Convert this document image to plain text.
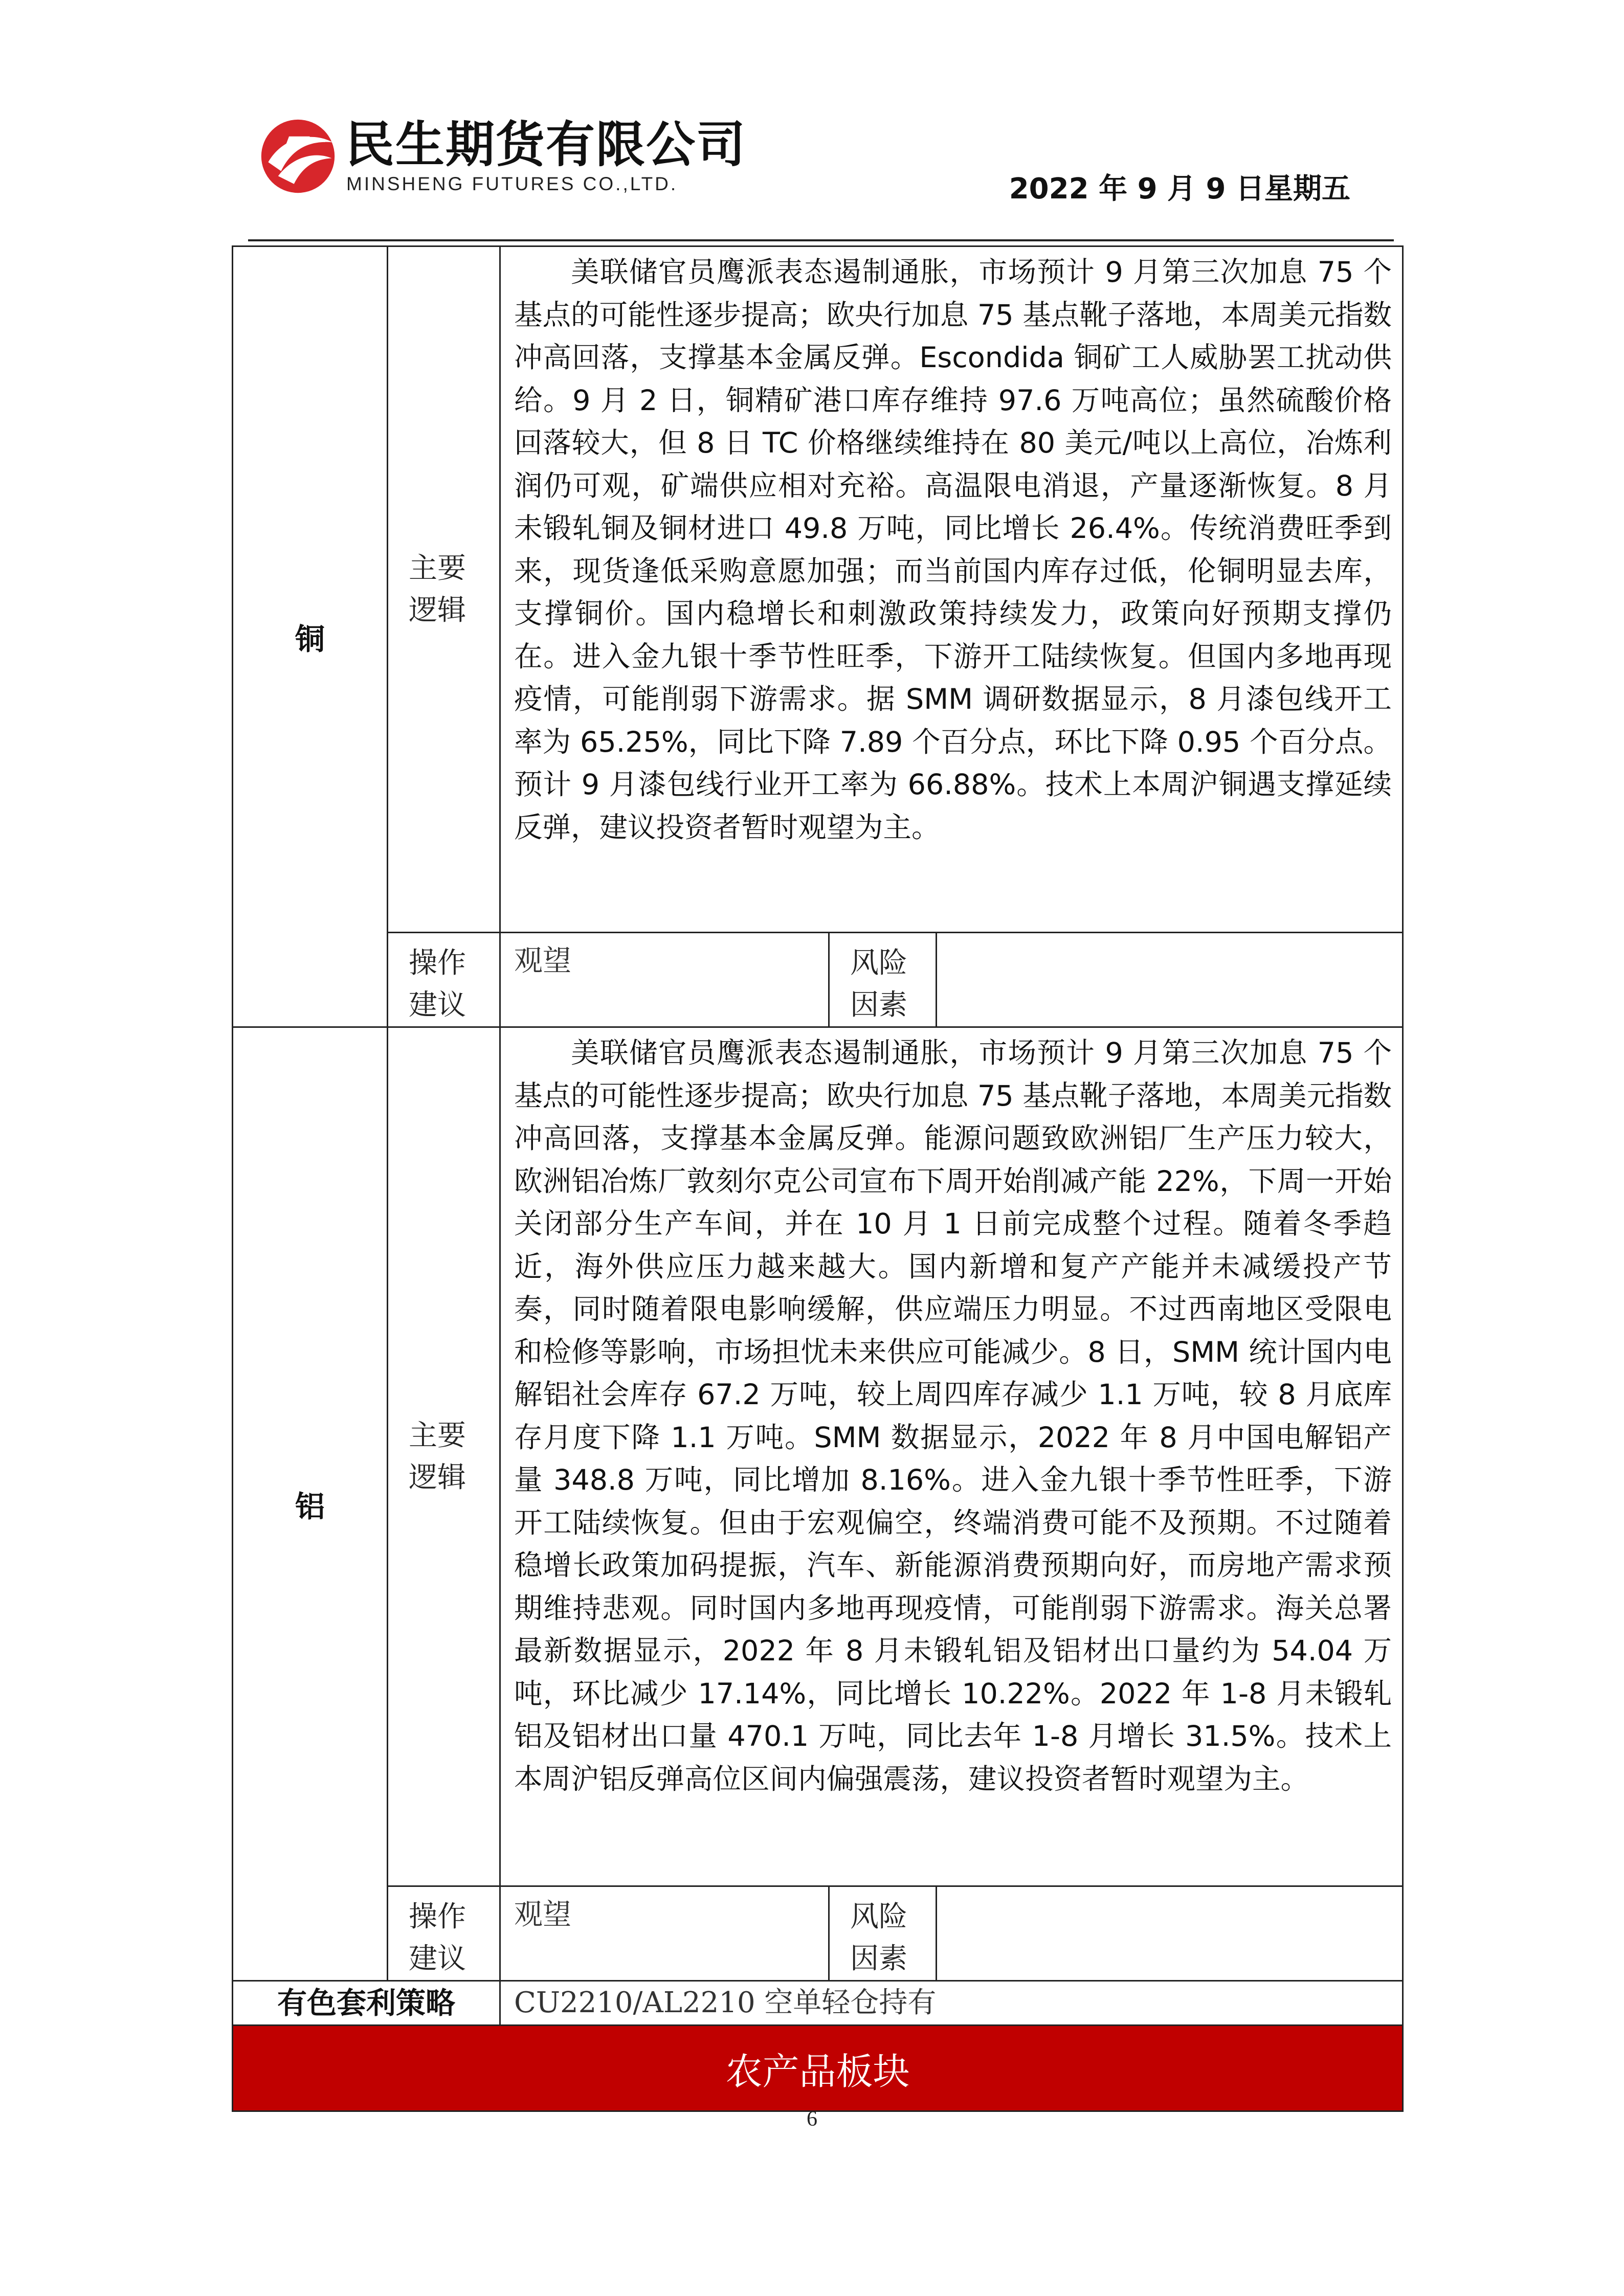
民生期货有限公司
MINSHENG FUTURES CO.,LTD.	2022 年 9 月 9 日星期五
铜	主要逻辑	美联储官员鹰派表态遏制通胀，市场预计 9 月第三次加息 75 个基点的可能性逐步提高；欧央行加息 75 基点靴子落地，本周美元指数冲高回落，支撑基本金属反弹。Escondida 铜矿工人威胁罢工扰动供给。9 月 2 日，铜精矿港口库存维持 97.6 万吨高位；虽然硫酸价格回落较大，但 8 日 TC 价格继续维持在 80 美元/吨以上高位，冶炼利润仍可观，矿端供应相对充裕。高温限电消退，产量逐渐恢复。8 月未锻轧铜及铜材进口 49.8 万吨，同比增长 26.4%。传统消费旺季到来，现货逢低采购意愿加强；而当前国内库存过低，伦铜明显去库，支撑铜价。国内稳增长和刺激政策持续发力，政策向好预期支撑仍在。进入金九银十季节性旺季，下游开工陆续恢复。但国内多地再现疫情，可能削弱下游需求。据 SMM 调研数据显示，8 月漆包线开工率为 65.25%，同比下降 7.89 个百分点，环比下降 0.95 个百分点。预计 9 月漆包线行业开工率为 66.88%。技术上本周沪铜遇支撑延续反弹，建议投资者暂时观望为主。		

	操作建议	观望	风险因素	

铝	主要逻辑	美联储官员鹰派表态遏制通胀，市场预计 9 月第三次加息 75 个基点的可能性逐步提高；欧央行加息 75 基点靴子落地，本周美元指数冲高回落，支撑基本金属反弹。能源问题致欧洲铝厂生产压力较大，欧洲铝冶炼厂敦刻尔克公司宣布下周开始削减产能 22%，下周一开始关闭部分生产车间，并在 10 月 1 日前完成整个过程。随着冬季趋近，海外供应压力越来越大。国内新增和复产产能并未减缓投产节奏，同时随着限电影响缓解，供应端压力明显。不过西南地区受限电和检修等影响，市场担忧未来供应可能减少。8 日，SMM 统计国内电解铝社会库存 67.2 万吨，较上周四库存减少 1.1 万吨，较 8 月底库存月度下降 1.1 万吨。SMM 数据显示，2022 年 8 月中国电解铝产量 348.8 万吨，同比增加 8.16%。进入金九银十季节性旺季，下游开工陆续恢复。但由于宏观偏空，终端消费可能不及预期。不过随着稳增长政策加码提振，汽车、新能源消费预期向好，而房地产需求预期维持悲观。同时国内多地再现疫情，可能削弱下游需求。海关总署最新数据显示，2022 年 8 月未锻轧铝及铝材出口量约为 54.04 万吨，环比减少 17.14%，同比增长 10.22%。2022 年 1-8 月未锻轧铝及铝材出口量 470.1 万吨，同比去年 1-8 月增长 31.5%。技术上本周沪铝反弹高位区间内偏强震荡，建议投资者暂时观望为主。		

	操作建议	观望	风险因素	

有色套利策略		CU2210/AL2210 空单轻仓持有		
农产品板块				
6
